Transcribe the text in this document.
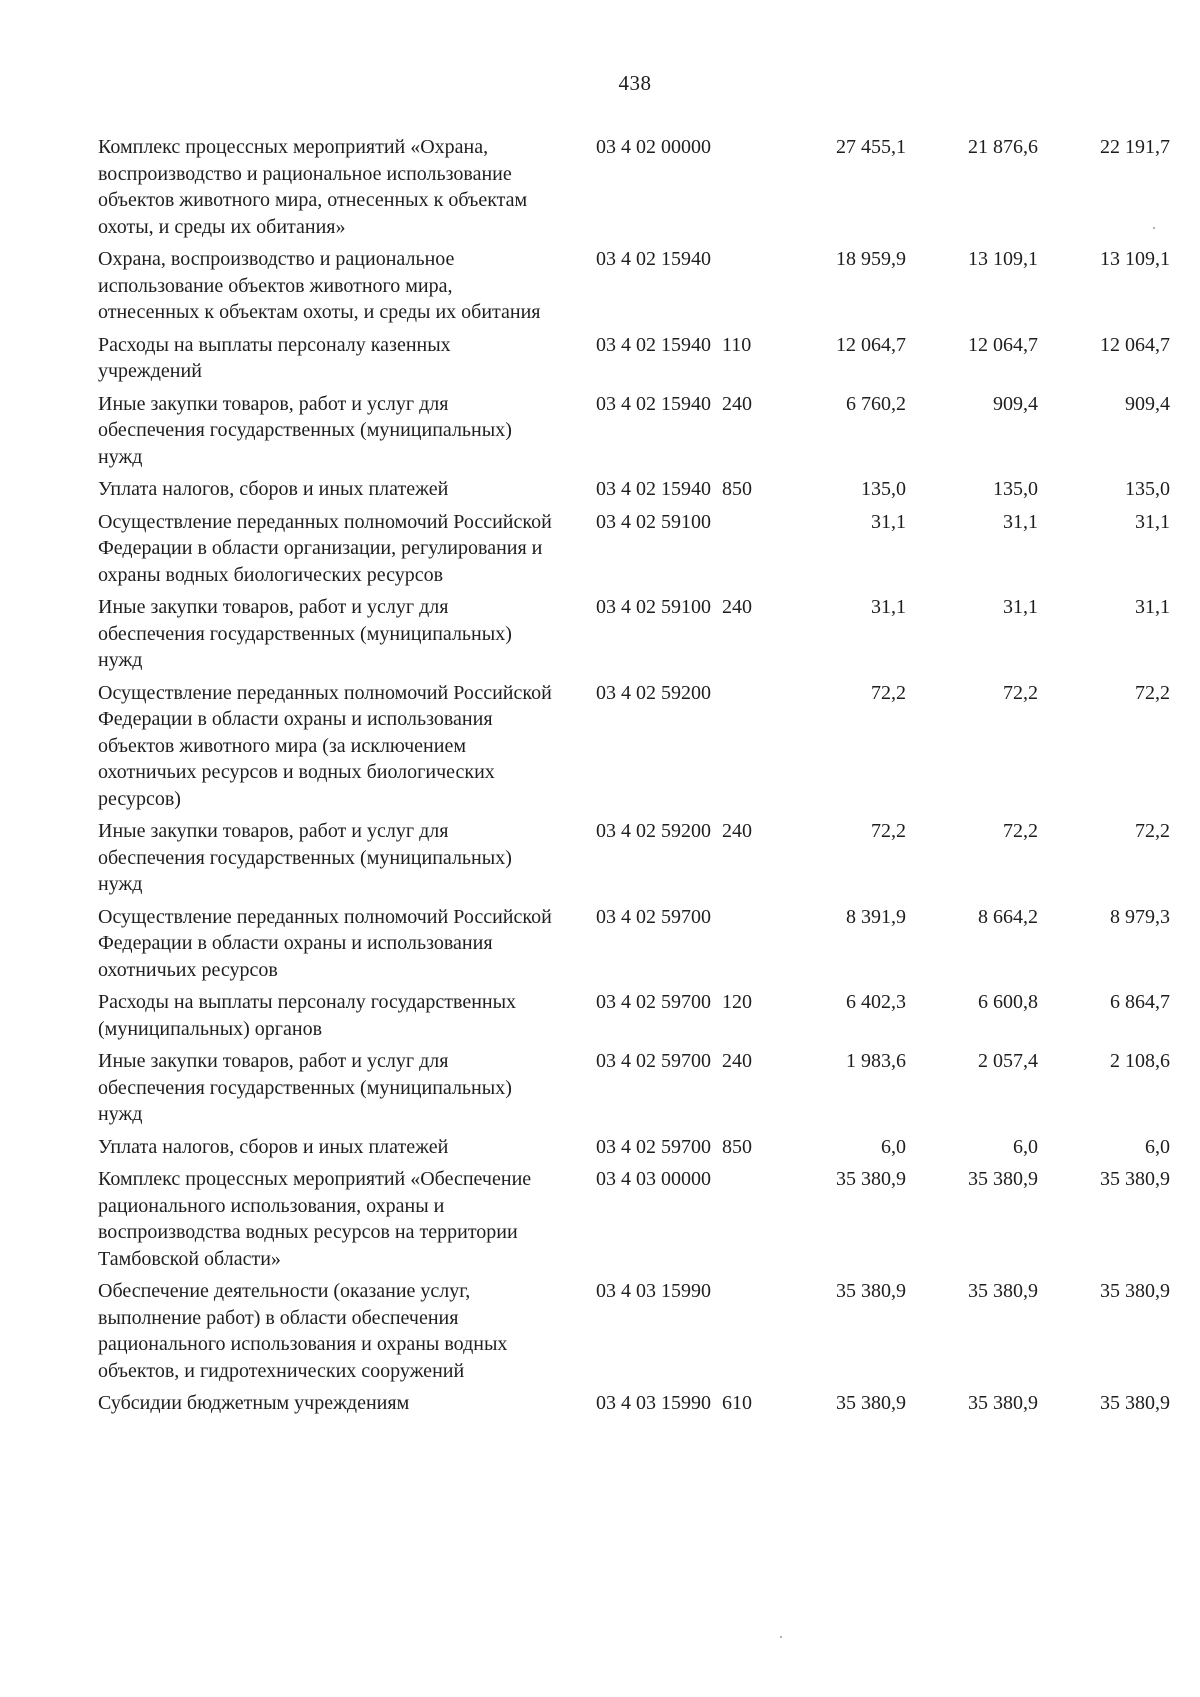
438
Комплекс процессных мероприятий «Охрана, воспроизводство и рациональное использование объектов животного мира, отнесенных к объектам охоты, и среды их обитания»	03 4 02 00000		27 455,1	21 876,6	22 191,7
Охрана, воспроизводство и рациональное использование объектов животного мира, отнесенных к объектам охоты, и среды их обитания	03 4 02 15940		18 959,9	13 109,1	13 109,1
Расходы на выплаты персоналу казенных учреждений	03 4 02 15940	110	12 064,7	12 064,7	12 064,7
Иные закупки товаров, работ и услуг для обеспечения государственных (муниципальных) нужд	03 4 02 15940	240	6 760,2	909,4	909,4
Уплата налогов, сборов и иных платежей	03 4 02 15940	850	135,0	135,0	135,0
Осуществление переданных полномочий Российской Федерации в области организации, регулирования и охраны водных биологических ресурсов	03 4 02 59100		31,1	31,1	31,1
Иные закупки товаров, работ и услуг для обеспечения государственных (муниципальных) нужд	03 4 02 59100	240	31,1	31,1	31,1
Осуществление переданных полномочий Российской Федерации в области охраны и использования объектов животного мира (за исключением охотничьих ресурсов и водных биологических ресурсов)	03 4 02 59200		72,2	72,2	72,2
Иные закупки товаров, работ и услуг для обеспечения государственных (муниципальных) нужд	03 4 02 59200	240	72,2	72,2	72,2
Осуществление переданных полномочий Российской Федерации в области охраны и использования охотничьих ресурсов	03 4 02 59700		8 391,9	8 664,2	8 979,3
Расходы на выплаты персоналу государственных (муниципальных) органов	03 4 02 59700	120	6 402,3	6 600,8	6 864,7
Иные закупки товаров, работ и услуг для обеспечения государственных (муниципальных) нужд	03 4 02 59700	240	1 983,6	2 057,4	2 108,6
Уплата налогов, сборов и иных платежей	03 4 02 59700	850	6,0	6,0	6,0
Комплекс процессных мероприятий «Обеспечение рационального использования, охраны и воспроизводства водных ресурсов на территории Тамбовской области»	03 4 03 00000		35 380,9	35 380,9	35 380,9
Обеспечение деятельности (оказание услуг, выполнение работ) в области обеспечения рационального использования и охраны водных объектов, и гидротехнических сооружений	03 4 03 15990		35 380,9	35 380,9	35 380,9
Субсидии бюджетным учреждениям	03 4 03 15990	610	35 380,9	35 380,9	35 380,9
